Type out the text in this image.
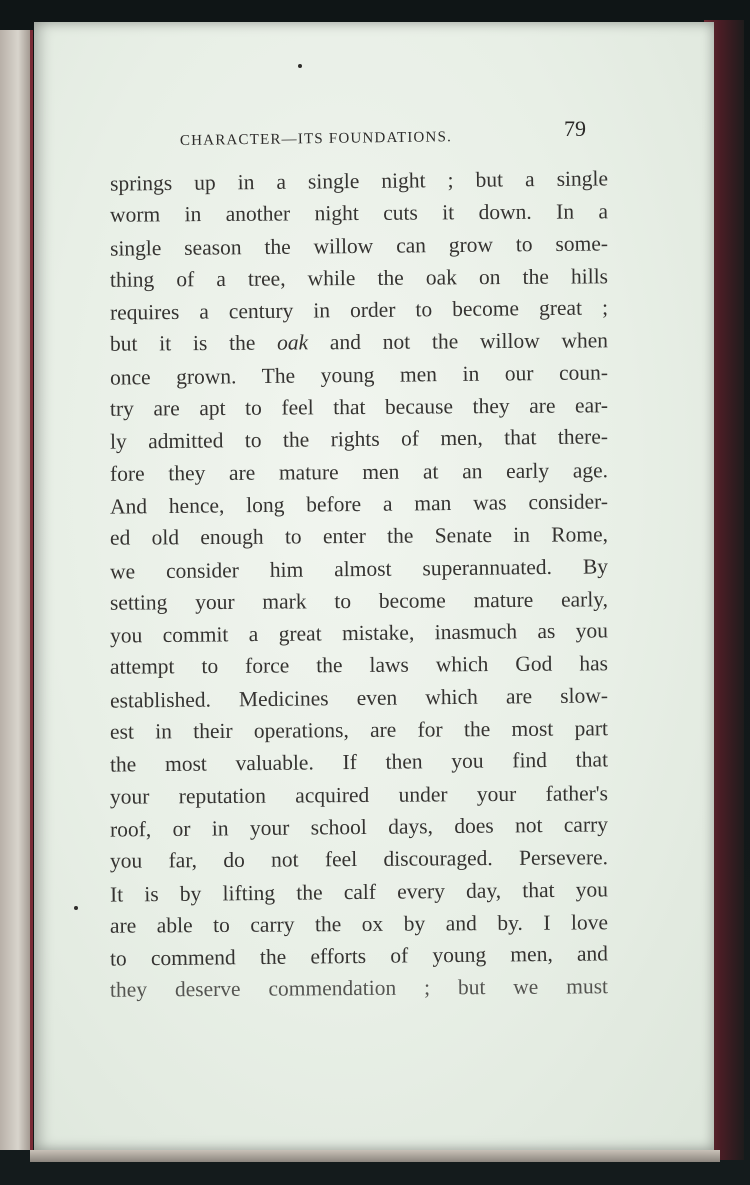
CHARACTER—ITS FOUNDATIONS.	79
springs up in a single night ; but a single
worm in another night cuts it down. In a
single season the willow can grow to some-
thing of a tree, while the oak on the hills
requires a century in order to become great ;
but it is the oak and not the willow when
once grown. The young men in our coun-
try are apt to feel that because they are ear-
ly admitted to the rights of men, that there-
fore they are mature men at an early age.
And hence, long before a man was consider-
ed old enough to enter the Senate in Rome,
we consider him almost superannuated. By
setting your mark to become mature early,
you commit a great mistake, inasmuch as you
attempt to force the laws which God has
established. Medicines even which are slow-
est in their operations, are for the most part
the most valuable. If then you find that
your reputation acquired under your father's
roof, or in your school days, does not carry
you far, do not feel discouraged. Persevere.
It is by lifting the calf every day, that you
are able to carry the ox by and by. I love
to commend the efforts of young men, and
they deserve commendation ; but we must
